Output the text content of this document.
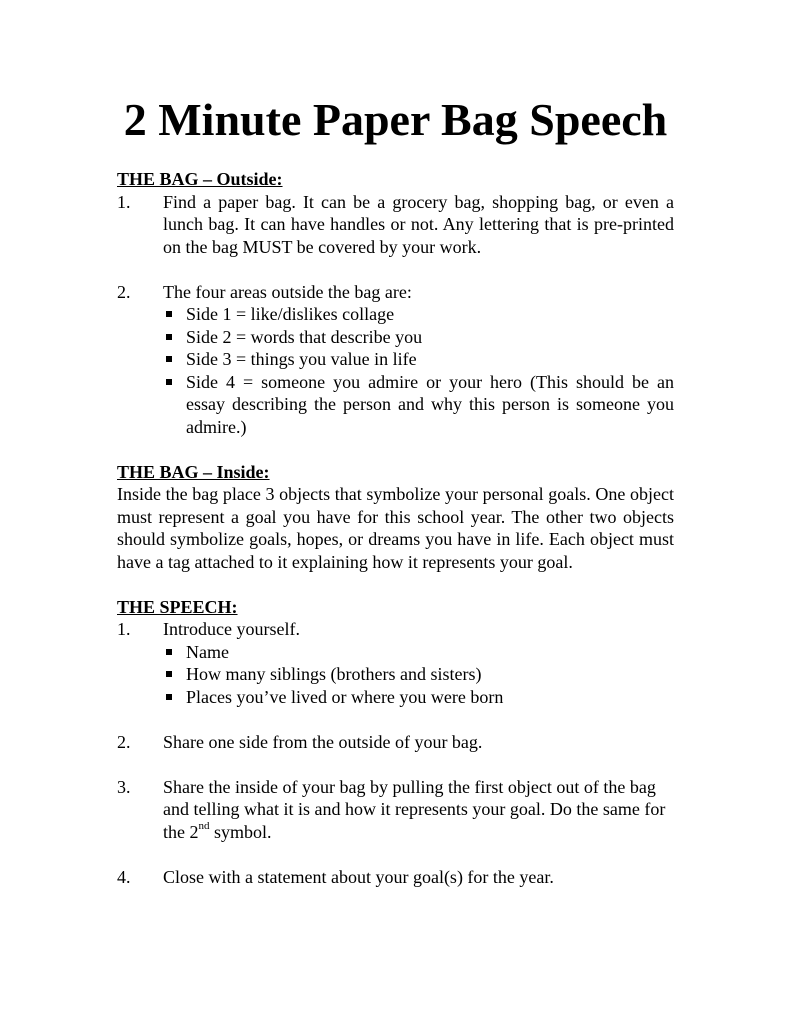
2 Minute Paper Bag Speech

THE BAG – Outside:

1. Find a paper bag. It can be a grocery bag, shopping bag, or even a lunch bag. It can have handles or not. Any lettering that is pre-printed on the bag MUST be covered by your work.
2. The four areas outside the bag are:
Side 1 = like/dislikes collage
Side 2 = words that describe you
Side 3 = things you value in life
Side 4 = someone you admire or your hero (This should be an essay describing the person and why this person is someone you admire.)

THE BAG – Inside:

Inside the bag place 3 objects that symbolize your personal goals. One object must represent a goal you have for this school year. The other two objects should symbolize goals, hopes, or dreams you have in life. Each object must have a tag attached to it explaining how it represents your goal.

THE SPEECH:

1. Introduce yourself.
Name
How many siblings (brothers and sisters)
Places you’ve lived or where you were born
2. Share one side from the outside of your bag.
3. Share the inside of your bag by pulling the first object out of the bag and telling what it is and how it represents your goal. Do the same for the 2nd symbol.
4. Close with a statement about your goal(s) for the year.
